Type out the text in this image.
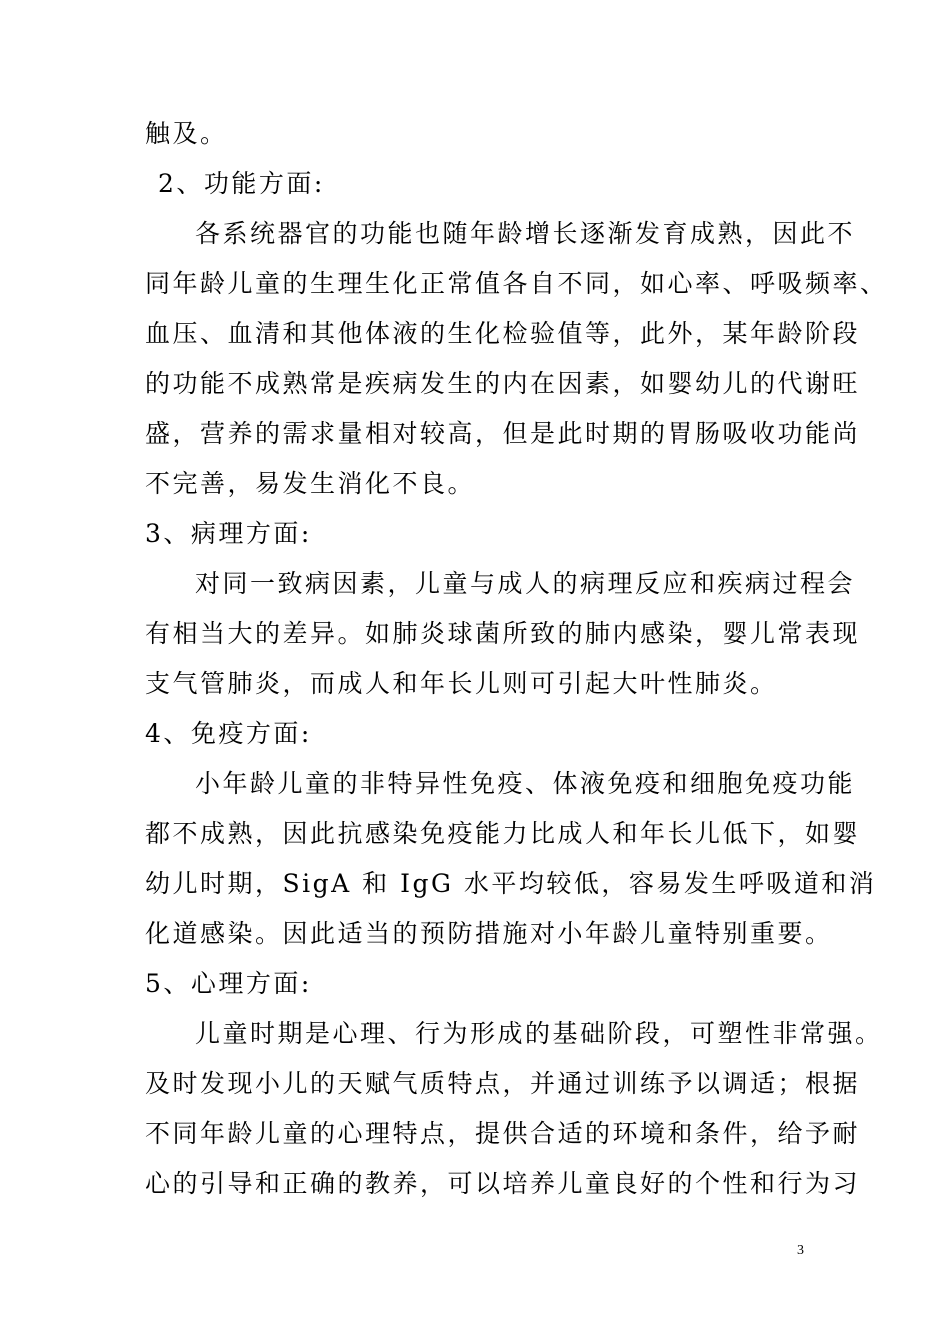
触及。
2、功能方面:
各系统器官的功能也随年龄增长逐渐发育成熟，因此不
同年龄儿童的生理生化正常值各自不同，如心率、呼吸频率、
血压、血清和其他体液的生化检验值等，此外，某年龄阶段
的功能不成熟常是疾病发生的内在因素，如婴幼儿的代谢旺
盛，营养的需求量相对较高，但是此时期的胃肠吸收功能尚
不完善，易发生消化不良。
3、病理方面:
对同一致病因素，儿童与成人的病理反应和疾病过程会
有相当大的差异。如肺炎球菌所致的肺内感染，婴儿常表现
支气管肺炎，而成人和年长儿则可引起大叶性肺炎。
4、免疫方面:
小年龄儿童的非特异性免疫、体液免疫和细胞免疫功能
都不成熟，因此抗感染免疫能力比成人和年长儿低下，如婴
幼儿时期，SigA 和 IgG 水平均较低，容易发生呼吸道和消
化道感染。因此适当的预防措施对小年龄儿童特别重要。
5、心理方面:
儿童时期是心理、行为形成的基础阶段，可塑性非常强。
及时发现小儿的天赋气质特点，并通过训练予以调适；根据
不同年龄儿童的心理特点，提供合适的环境和条件，给予耐
心的引导和正确的教养，可以培养儿童良好的个性和行为习
3
